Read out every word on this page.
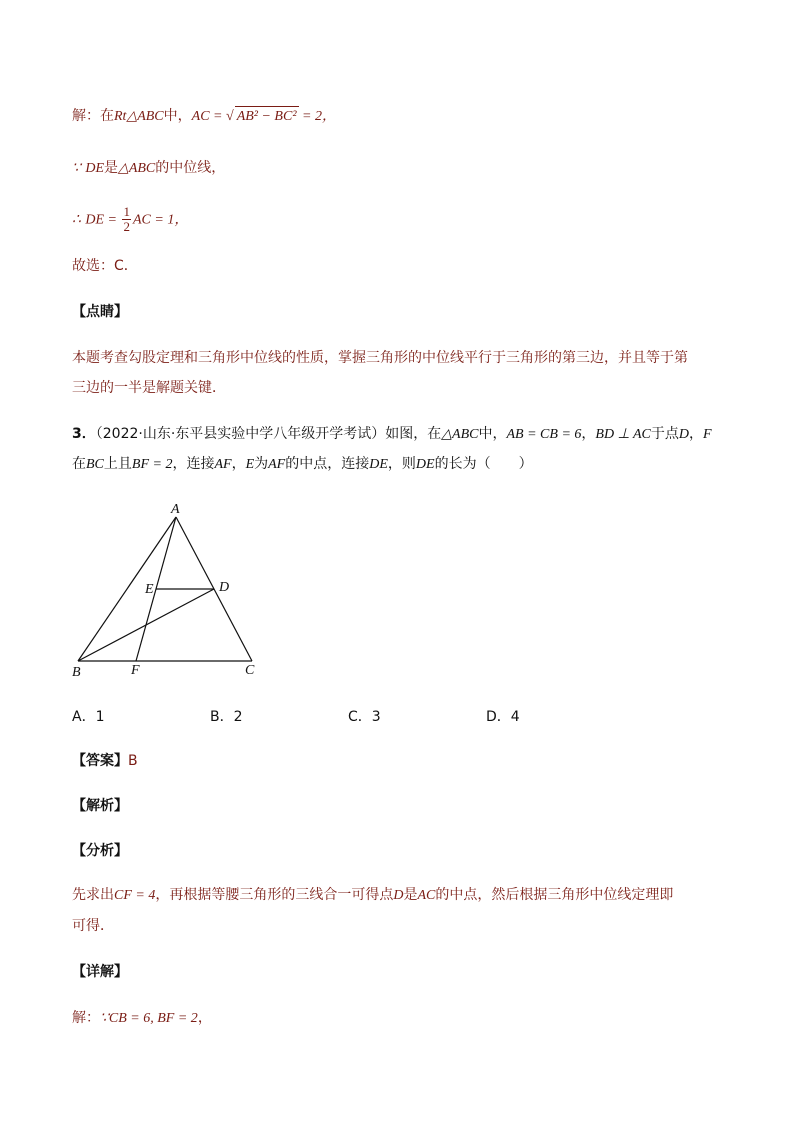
解：在Rt△ABC中，AC = √ AB² − BC² = 2，
∵ DE是△ABC的中位线，
∴ DE = $\frac{1}{2}$ AC = 1，
故选：C．
【点睛】
本题考查勾股定理和三角形中位线的性质，掌握三角形的中位线平行于三角形的第三边，并且等于第
三边的一半是解题关键．
3．（2022·山东·东平县实验中学八年级开学考试）如图，在△ABC中，AB = CB = 6，BD ⊥ AC于点D，F
在BC上且BF = 2，连接AF，E为AF的中点，连接DE，则DE的长为（　　）
A
B	C
D
E
F
A．1	B．2	C．3	D．4
【答案】B
【解析】
【分析】
先求出CF = 4，再根据等腰三角形的三线合一可得点D是AC的中点，然后根据三角形中位线定理即
可得．
【详解】
解：∵CB = 6, BF = 2，
